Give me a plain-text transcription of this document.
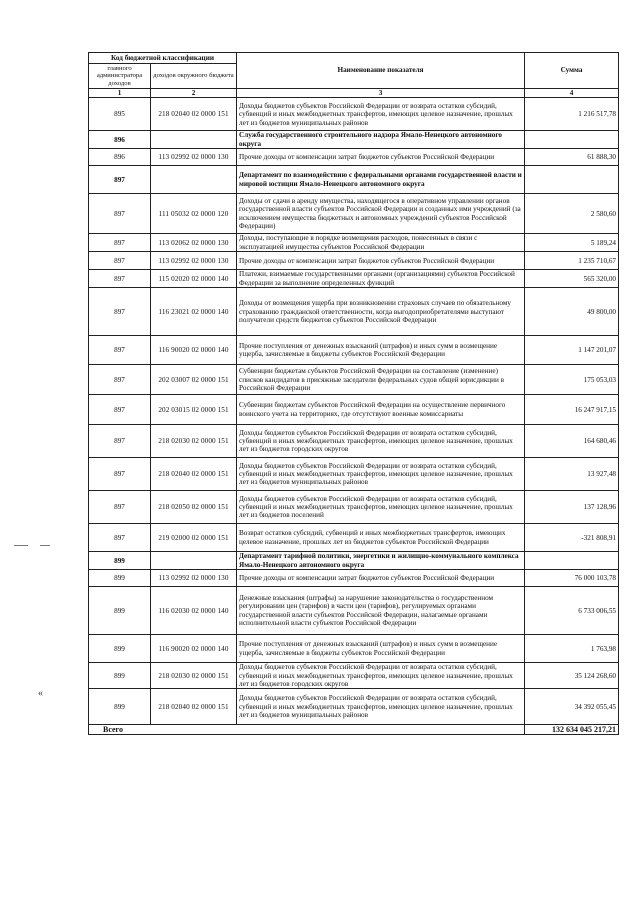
Код бюджетной классификации		Наименование показателя	Сумма
главного администратора доходов	доходов окружного бюджета		
1	2	3	4
895	218 02040 02 0000 151	Доходы бюджетов субъектов Российской Федерации от возврата остатков субсидий, субвенций и иных межбюджетных трансфертов, имеющих целевое назначение, прошлых лет из бюджетов муниципальных районов	1 216 517,78
896		Служба государственного строительного надзора Ямало-Ненецкого автономного округа	
896	113 02992 02 0000 130	Прочие доходы от компенсации затрат бюджетов субъектов Российской Федерации	61 888,30
897		Департамент по взаимодействию с федеральными органами государственной власти и мировой юстиции Ямало-Ненецкого автономного округа	
897	111 05032 02 0000 120	Доходы от сдачи в аренду имущества, находящегося в оперативном управлении органов государственной власти субъектов Российской Федерации и созданных ими учреждений (за исключением имущества бюджетных и автономных учреждений субъектов Российской Федерации)	2 580,60
897	113 02062 02 0000 130	Доходы, поступающие в порядке возмещения расходов, понесенных в связи с эксплуатацией имущества субъектов Российской Федерации	5 189,24
897	113 02992 02 0000 130	Прочие доходы от компенсации затрат бюджетов субъектов Российской Федерации	1 235 710,67
897	115 02020 02 0000 140	Платежи, взимаемые государственными органами (организациями) субъектов Российской Федерации за выполнение определенных функций	565 320,00
897	116 23021 02 0000 140	Доходы от возмещения ущерба при возникновении страховых случаев по обязательному страхованию гражданской ответственности, когда выгодоприобретателями выступают получатели средств бюджетов субъектов Российской Федерации	49 800,00
897	116 90020 02 0000 140	Прочие поступления от денежных взысканий (штрафов) и иных сумм в возмещение ущерба, зачисляемые в бюджеты субъектов Российской Федерации	1 147 201,07
897	202 03007 02 0000 151	Субвенции бюджетам субъектов Российской Федерации на составление (изменение) списков кандидатов в присяжные заседатели федеральных судов общей юрисдикции в Российской Федерации	175 053,03
897	202 03015 02 0000 151	Субвенции бюджетам субъектов Российской Федерации на осуществление первичного воинского учета на территориях, где отсутствуют военные комиссариаты	16 247 917,15
897	218 02030 02 0000 151	Доходы бюджетов субъектов Российской Федерации от возврата остатков субсидий, субвенций и иных межбюджетных трансфертов, имеющих целевое назначение, прошлых лет из бюджетов городских округов	164 680,46
897	218 02040 02 0000 151	Доходы бюджетов субъектов Российской Федерации от возврата остатков субсидий, субвенций и иных межбюджетных трансфертов, имеющих целевое назначение, прошлых лет из бюджетов муниципальных районов	13 927,48
897	218 02050 02 0000 151	Доходы бюджетов субъектов Российской Федерации от возврата остатков субсидий, субвенций и иных межбюджетных трансфертов, имеющих целевое назначение, прошлых лет из бюджетов поселений	137 128,96
897	219 02000 02 0000 151	Возврат остатков субсидий, субвенций и иных межбюджетных трансфертов, имеющих целевое назначение, прошлых лет из бюджетов субъектов Российской Федерации	-321 808,91
899		Департамент тарифной политики, энергетики и жилищно-коммунального комплекса Ямало-Ненецкого автономного округа	
899	113 02992 02 0000 130	Прочие доходы от компенсации затрат бюджетов субъектов Российской Федерации	76 000 103,78
899	116 02030 02 0000 140	Денежные взыскания (штрафы) за нарушение законодательства о государственном регулировании цен (тарифов) в части цен (тарифов), регулируемых органами государственной власти субъектов Российской Федерации, налагаемые органами исполнительной власти субъектов Российской Федерации	6 733 006,55
899	116 90020 02 0000 140	Прочие поступления от денежных взысканий (штрафов) и иных сумм в возмещение ущерба, зачисляемые в бюджеты субъектов Российской Федерации	1 763,98
899	218 02030 02 0000 151	Доходы бюджетов субъектов Российской Федерации от возврата остатков субсидий, субвенций и иных межбюджетных трансфертов, имеющих целевое назначение, прошлых лет из бюджетов городских округов	35 124 268,60
899	218 02040 02 0000 151	Доходы бюджетов субъектов Российской Федерации от возврата остатков субсидий, субвенций и иных межбюджетных трансфертов, имеющих целевое назначение, прошлых лет из бюджетов муниципальных районов	34 392 055,45
Всего			132 634 045 217,21
«
